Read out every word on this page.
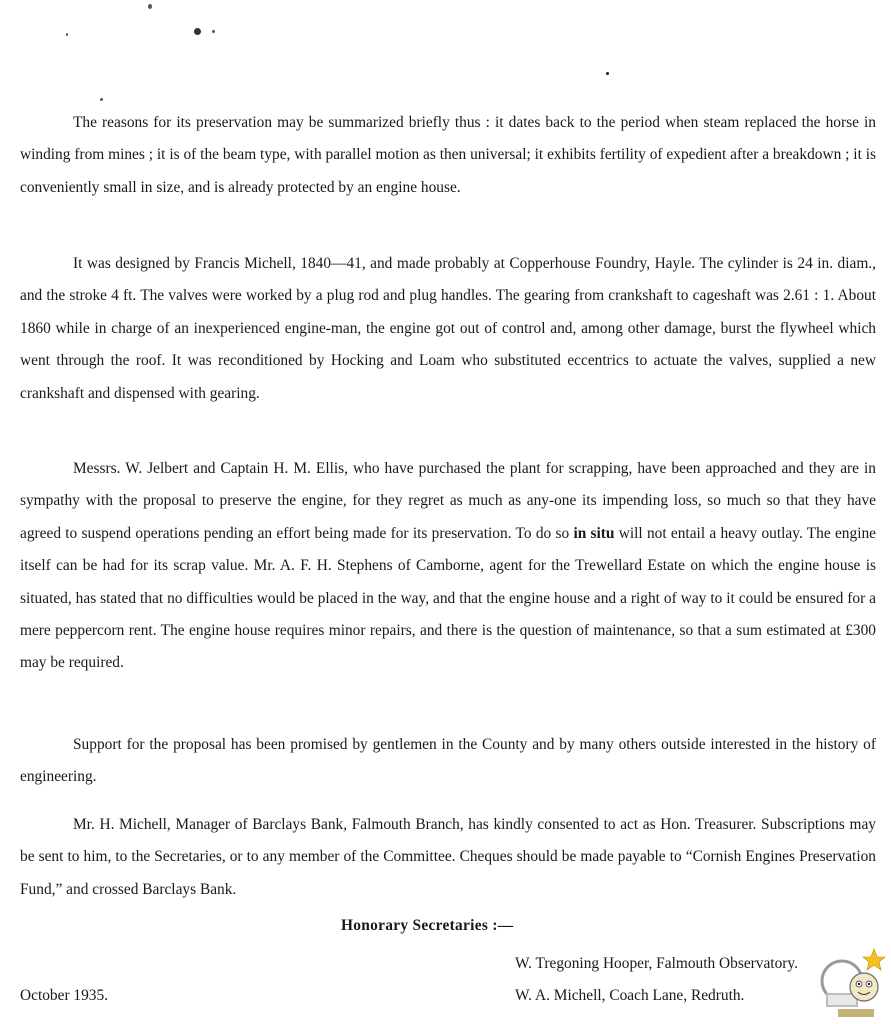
The reasons for its preservation may be summarized briefly thus : it dates back to the period when steam replaced the horse in winding from mines ; it is of the beam type, with parallel motion as then universal; it exhibits fertility of expedient after a breakdown ; it is conveniently small in size, and is already protected by an engine house.

It was designed by Francis Michell, 1840—41, and made probably at Copperhouse Foundry, Hayle. The cylinder is 24 in. diam., and the stroke 4 ft. The valves were worked by a plug rod and plug handles. The gearing from crankshaft to cageshaft was 2.61 : 1. About 1860 while in charge of an inexperienced engine-man, the engine got out of control and, among other damage, burst the flywheel which went through the roof. It was reconditioned by Hocking and Loam who substituted eccentrics to actuate the valves, supplied a new crankshaft and dispensed with gearing.

Messrs. W. Jelbert and Captain H. M. Ellis, who have purchased the plant for scrapping, have been approached and they are in sympathy with the proposal to preserve the engine, for they regret as much as any-one its impending loss, so much so that they have agreed to suspend operations pending an effort being made for its preservation. To do so in situ will not entail a heavy outlay. The engine itself can be had for its scrap value. Mr. A. F. H. Stephens of Camborne, agent for the Trewellard Estate on which the engine house is situated, has stated that no difficulties would be placed in the way, and that the engine house and a right of way to it could be ensured for a mere peppercorn rent. The engine house requires minor repairs, and there is the question of maintenance, so that a sum estimated at £300 may be required.

Support for the proposal has been promised by gentlemen in the County and by many others outside interested in the history of engineering.

Mr. H. Michell, Manager of Barclays Bank, Falmouth Branch, has kindly consented to act as Hon. Treasurer. Subscriptions may be sent to him, to the Secretaries, or to any member of the Committee. Cheques should be made payable to “Cornish Engines Preservation Fund,” and crossed Barclays Bank.

Honorary Secretaries :—
W. Tregoning Hooper, Falmouth Observatory.
W. A. Michell, Coach Lane, Redruth.
October 1935.
